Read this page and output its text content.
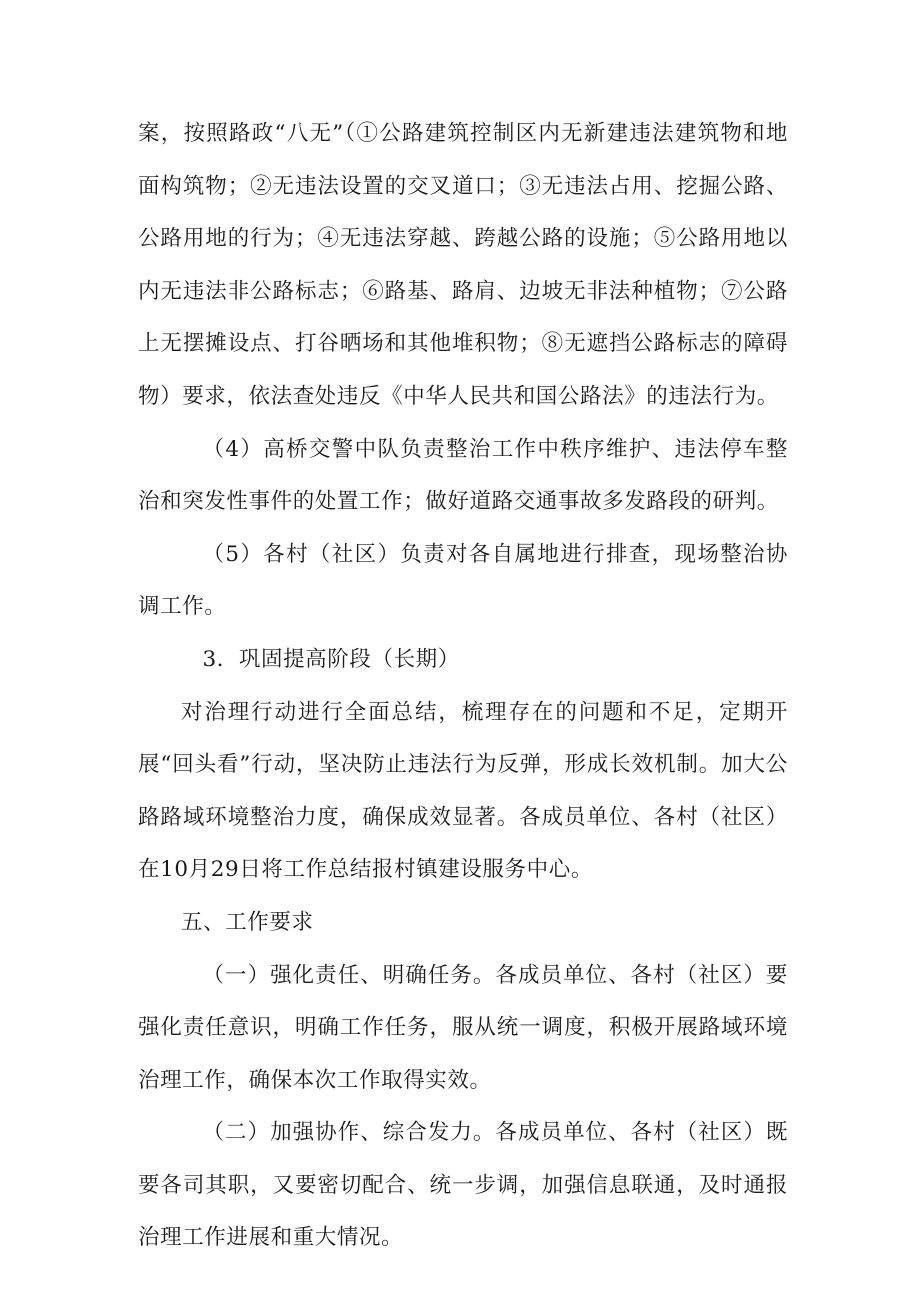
案，按照路政“八无”（①公路建筑控制区内无新建违法建筑物和地面构筑物；②无违法设置的交叉道口；③无违法占用、挖掘公路、公路用地的行为；④无违法穿越、跨越公路的设施；⑤公路用地以内无违法非公路标志；⑥路基、路肩、边坡无非法种植物；⑦公路上无摆摊设点、打谷晒场和其他堆积物；⑧无遮挡公路标志的障碍物）要求，依法查处违反《中华人民共和国公路法》的违法行为。

（4）高桥交警中队负责整治工作中秩序维护、违法停车整治和突发性事件的处置工作；做好道路交通事故多发路段的研判。

（5）各村（社区）负责对各自属地进行排查，现场整治协调工作。

3．巩固提高阶段（长期）

对治理行动进行全面总结，梳理存在的问题和不足，定期开展“回头看”行动，坚决防止违法行为反弹，形成长效机制。加大公路路域环境整治力度，确保成效显著。各成员单位、各村（社区）在10月29日将工作总结报村镇建设服务中心。

五、工作要求

（一）强化责任、明确任务。各成员单位、各村（社区）要强化责任意识，明确工作任务，服从统一调度，积极开展路域环境治理工作，确保本次工作取得实效。

（二）加强协作、综合发力。各成员单位、各村（社区）既要各司其职，又要密切配合、统一步调，加强信息联通，及时通报治理工作进展和重大情况。
